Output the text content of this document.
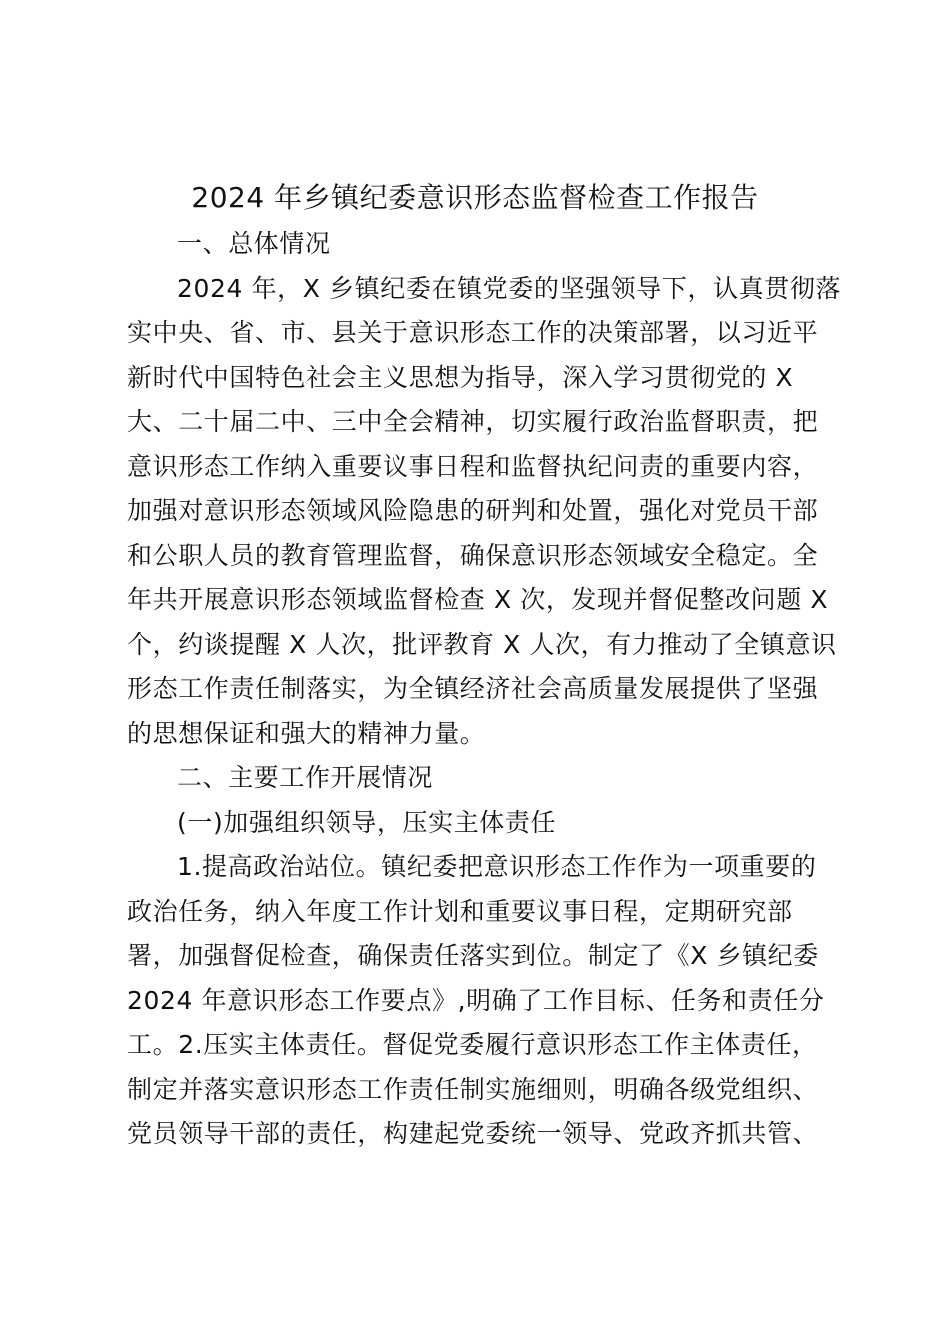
2024 年乡镇纪委意识形态监督检查工作报告
一、总体情况
2024 年，X 乡镇纪委在镇党委的坚强领导下，认真贯彻落
实中央、省、市、县关于意识形态工作的决策部署，以习近平
新时代中国特色社会主义思想为指导，深入学习贯彻党的 X
大、二十届二中、三中全会精神，切实履行政治监督职责，把
意识形态工作纳入重要议事日程和监督执纪问责的重要内容，
加强对意识形态领域风险隐患的研判和处置，强化对党员干部
和公职人员的教育管理监督，确保意识形态领域安全稳定。全
年共开展意识形态领域监督检查 X 次，发现并督促整改问题 X
个，约谈提醒 X 人次，批评教育 X 人次，有力推动了全镇意识
形态工作责任制落实，为全镇经济社会高质量发展提供了坚强
的思想保证和强大的精神力量。
二、主要工作开展情况
(一)加强组织领导，压实主体责任
1.提高政治站位。镇纪委把意识形态工作作为一项重要的
政治任务，纳入年度工作计划和重要议事日程，定期研究部
署，加强督促检查，确保责任落实到位。制定了《X 乡镇纪委
2024 年意识形态工作要点》,明确了工作目标、任务和责任分
工。2.压实主体责任。督促党委履行意识形态工作主体责任，
制定并落实意识形态工作责任制实施细则，明确各级党组织、
党员领导干部的责任，构建起党委统一领导、党政齐抓共管、
